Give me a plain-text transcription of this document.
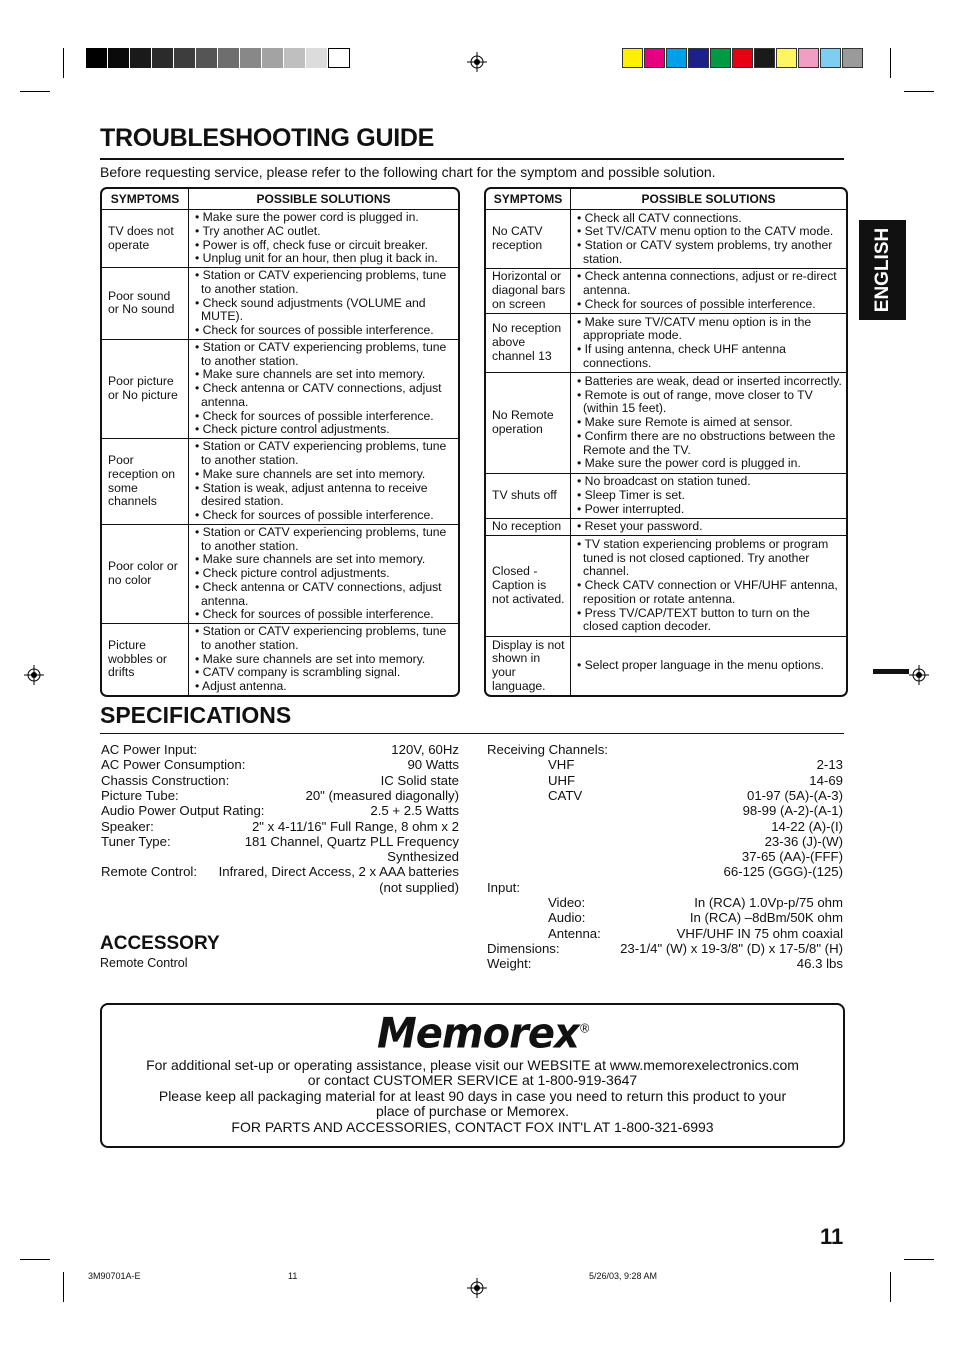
ENGLISH
TROUBLESHOOTING GUIDE
Before requesting service, please refer to the following chart for the symptom and possible solution.
SYMPTOMS	POSSIBLE SOLUTIONS
TV does not operate	• Make sure the power cord is plugged in.
• Try another AC outlet.
• Power is off, check fuse or circuit breaker.
• Unplug unit for an hour, then plug it back in.

Poor sound or No sound	• Station or CATV experiencing problems, tune to another station.
• Check sound adjustments (VOLUME and MUTE).
• Check for sources of possible interference.

Poor picture or No picture	• Station or CATV experiencing problems, tune to another station.
• Make sure channels are set into memory.
• Check antenna or CATV connections, adjust antenna.
• Check for sources of possible interference.
• Check picture control adjustments.

Poor reception on some channels	• Station or CATV experiencing problems, tune to another station.
• Make sure channels are set into memory.
• Station is weak, adjust antenna to receive desired station.
• Check for sources of possible interference.

Poor color or no color	• Station or CATV experiencing problems, tune to another station.
• Make sure channels are set into memory.
• Check picture control adjustments.
• Check antenna or CATV connections, adjust antenna.
• Check for sources of possible interference.

Picture wobbles or drifts	• Station or CATV experiencing problems, tune to another station.
• Make sure channels are set into memory.
• CATV company is scrambling signal.
• Adjust antenna.
SYMPTOMS	POSSIBLE SOLUTIONS
No CATV reception	• Check all CATV connections.
• Set TV/CATV menu option to the CATV mode.
• Station or CATV system problems, try another station.

Horizontal or diagonal bars on screen	• Check antenna connections, adjust or re-direct antenna.
• Check for sources of possible interference.

No reception above channel 13	• Make sure TV/CATV menu option is in the appropriate mode.
• If using antenna, check UHF antenna connections.

No Remote operation	• Batteries are weak, dead or inserted incorrectly.
• Remote is out of range, move closer to TV (within 15 feet).
• Make sure Remote is aimed at sensor.
• Confirm there are no obstructions between the Remote and the TV.
• Make sure the power cord is plugged in.

TV shuts off	• No broadcast on station tuned.
• Sleep Timer is set.
• Power interrupted.

No reception	• Reset your password.

Closed - Caption is not activated.	• TV station experiencing problems or program tuned is not closed captioned. Try another channel.
• Check CATV connection or VHF/UHF antenna, reposition or rotate antenna.
• Press TV/CAP/TEXT button to turn on the closed caption decoder.

Display is not shown in your language.	• Select proper language in the menu options.
SPECIFICATIONS
AC Power Input:	120V, 60Hz
AC Power Consumption:	90 Watts
Chassis Construction:	IC Solid state
Picture Tube:	20" (measured diagonally)
Audio Power Output Rating:	2.5 + 2.5 Watts
Speaker:	2" x 4-11/16" Full Range, 8 ohm x 2
Tuner Type:	181 Channel, Quartz PLL Frequency
Synthesized
Remote Control: Infrared, Direct Access, 2 x AAA batteries
(not supplied)
Receiving Channels:
VHF	2-13
UHF	14-69
CATV	01-97 (5A)-(A-3)
98-99 (A-2)-(A-1)
14-22 (A)-(I)
23-36 (J)-(W)
37-65 (AA)-(FFF)
66-125 (GGG)-(125)
Input:
Video:	In (RCA) 1.0Vp-p/75 ohm
Audio:	In (RCA) –8dBm/50K ohm
Antenna:	VHF/UHF IN 75 ohm coaxial
Dimensions:	23-1/4" (W) x 19-3/8" (D) x 17-5/8" (H)
Weight:	46.3 lbs
ACCESSORY
Remote Control
Memorex®
For additional set-up or operating assistance, please visit our WEBSITE at www.memorexelectronics.com
or contact CUSTOMER SERVICE at 1-800-919-3647
Please keep all packaging material for at least 90 days in case you need to return this product to your
place of purchase or Memorex.
FOR PARTS AND ACCESSORIES, CONTACT FOX INT'L AT 1-800-321-6993
11
3M90701A-E	11	5/26/03, 9:28 AM
